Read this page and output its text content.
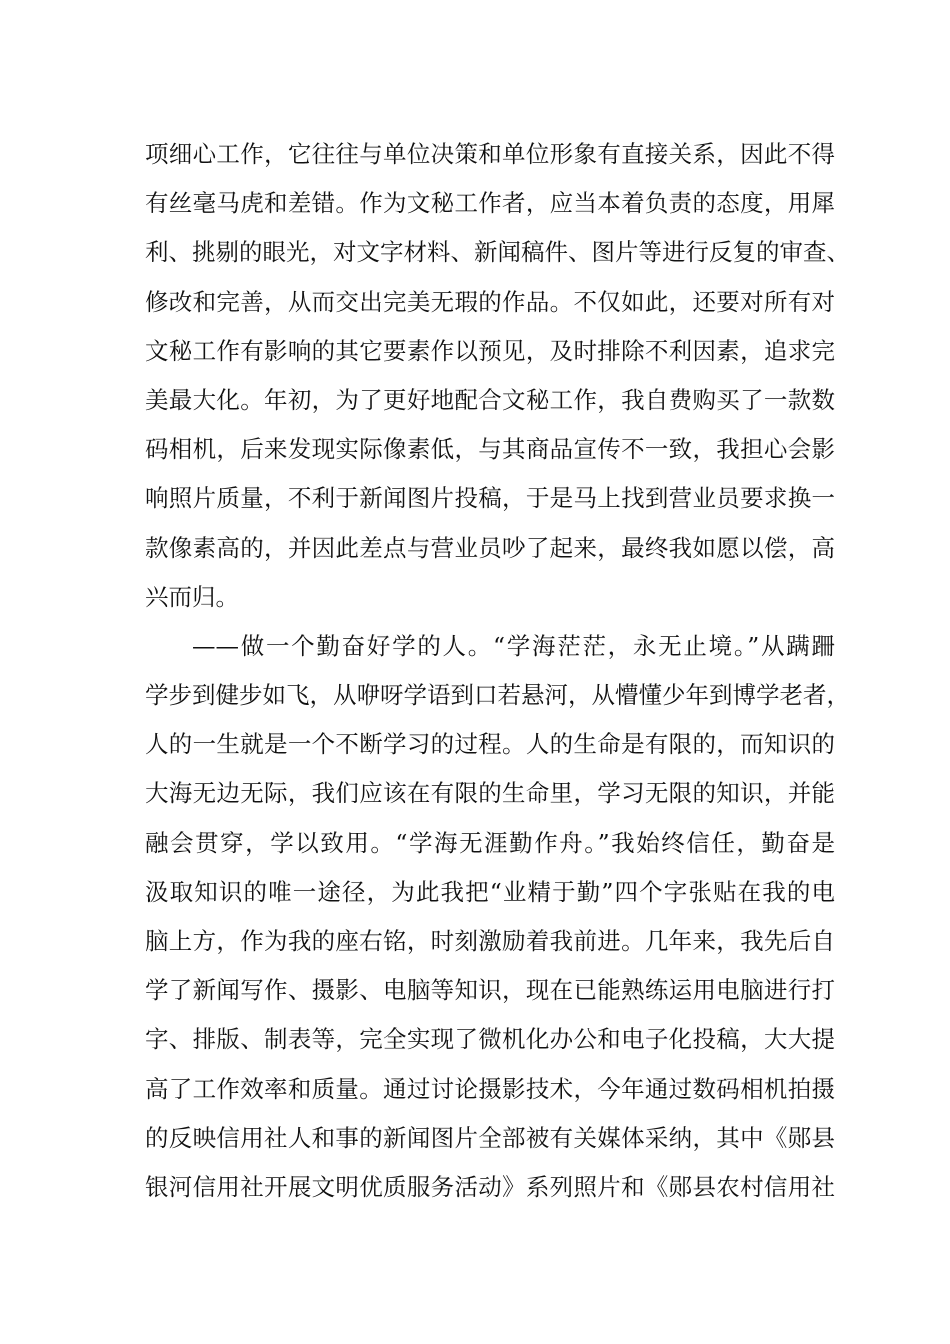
项细心工作，它往往与单位决策和单位形象有直接关系，因此不得
有丝毫马虎和差错。作为文秘工作者，应当本着负责的态度，用犀
利、挑剔的眼光，对文字材料、新闻稿件、图片等进行反复的审查、
修改和完善，从而交出完美无瑕的作品。不仅如此，还要对所有对
文秘工作有影响的其它要素作以预见，及时排除不利因素，追求完
美最大化。年初，为了更好地配合文秘工作，我自费购买了一款数
码相机，后来发现实际像素低，与其商品宣传不一致，我担心会影
响照片质量，不利于新闻图片投稿，于是马上找到营业员要求换一
款像素高的，并因此差点与营业员吵了起来，最终我如愿以偿，高
兴而归。
——做一个勤奋好学的人。“学海茫茫，永无止境。”从蹒跚
学步到健步如飞，从咿呀学语到口若悬河，从懵懂少年到博学老者，
人的一生就是一个不断学习的过程。人的生命是有限的，而知识的
大海无边无际，我们应该在有限的生命里，学习无限的知识，并能
融会贯穿，学以致用。“学海无涯勤作舟。”我始终信任，勤奋是
汲取知识的唯一途径，为此我把“业精于勤”四个字张贴在我的电
脑上方，作为我的座右铭，时刻激励着我前进。几年来，我先后自
学了新闻写作、摄影、电脑等知识，现在已能熟练运用电脑进行打
字、排版、制表等，完全实现了微机化办公和电子化投稿，大大提
高了工作效率和质量。通过讨论摄影技术，今年通过数码相机拍摄
的反映信用社人和事的新闻图片全部被有关媒体采纳，其中《郧县
银河信用社开展文明优质服务活动》系列照片和《郧县农村信用社
